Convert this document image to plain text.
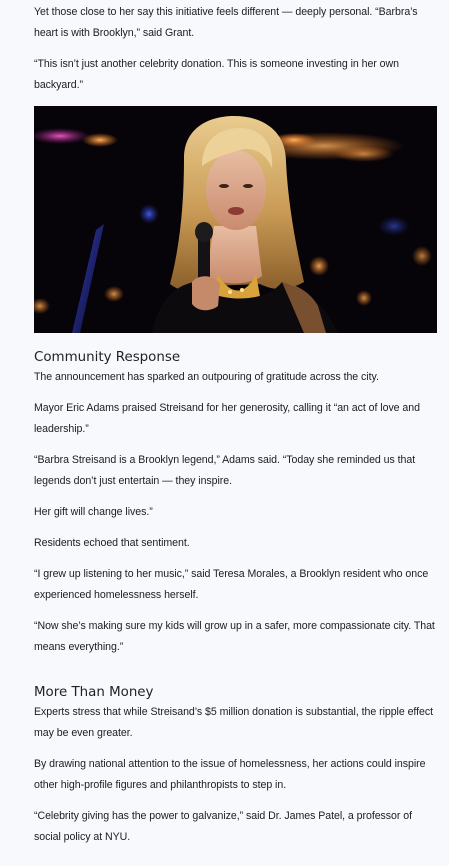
Yet those close to her say this initiative feels different — deeply personal. “Barbra’s heart is with Brooklyn,” said Grant.

“This isn’t just another celebrity donation. This is someone investing in her own backyard.”

Community Response

The announcement has sparked an outpouring of gratitude across the city.

Mayor Eric Adams praised Streisand for her generosity, calling it “an act of love and leadership.”

“Barbra Streisand is a Brooklyn legend,” Adams said. “Today she reminded us that legends don’t just entertain — they inspire.

Her gift will change lives.”

Residents echoed that sentiment.

“I grew up listening to her music,” said Teresa Morales, a Brooklyn resident who once experienced homelessness herself.

“Now she’s making sure my kids will grow up in a safer, more compassionate city. That means everything.”

More Than Money

Experts stress that while Streisand’s $5 million donation is substantial, the ripple effect may be even greater.

By drawing national attention to the issue of homelessness, her actions could inspire other high-profile figures and philanthropists to step in.

“Celebrity giving has the power to galvanize,” said Dr. James Patel, a professor of social policy at NYU.
